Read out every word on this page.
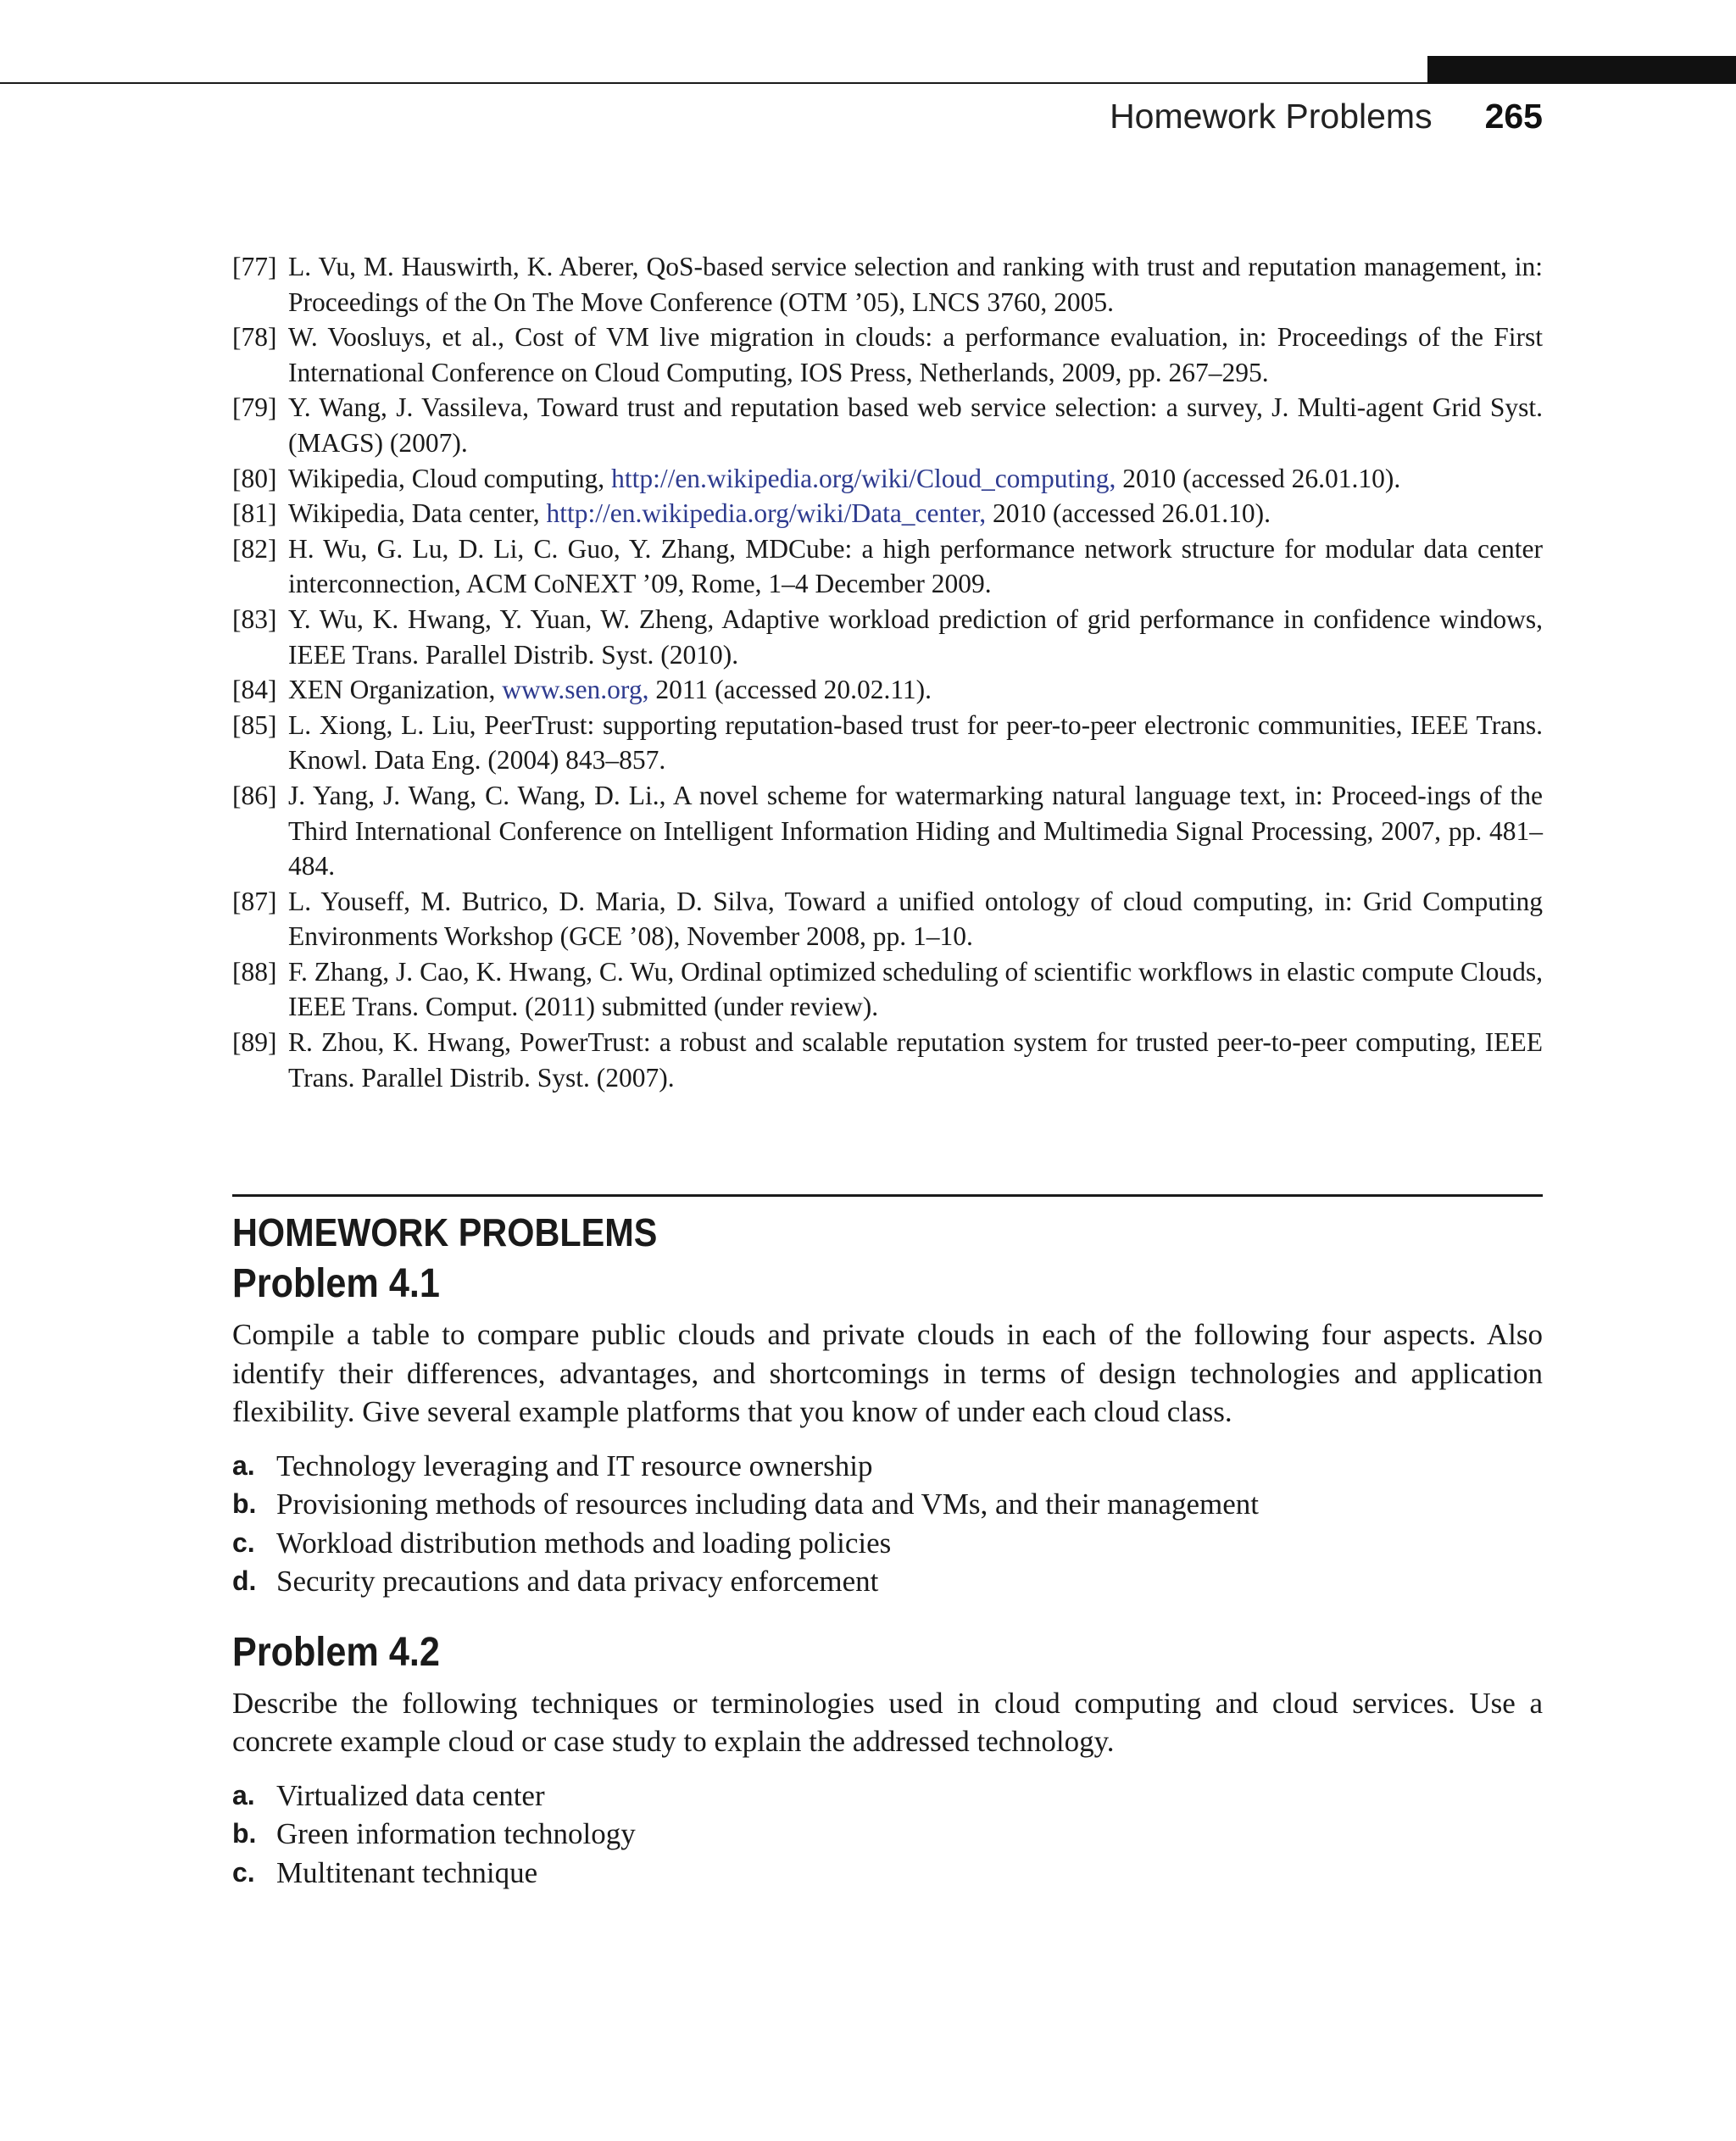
Homework Problems 265
[77] L. Vu, M. Hauswirth, K. Aberer, QoS-based service selection and ranking with trust and reputation management, in: Proceedings of the On The Move Conference (OTM ’05), LNCS 3760, 2005.
[78] W. Voosluys, et al., Cost of VM live migration in clouds: a performance evaluation, in: Proceedings of the First International Conference on Cloud Computing, IOS Press, Netherlands, 2009, pp. 267–295.
[79] Y. Wang, J. Vassileva, Toward trust and reputation based web service selection: a survey, J. Multi-agent Grid Syst. (MAGS) (2007).
[80] Wikipedia, Cloud computing, http://en.wikipedia.org/wiki/Cloud_computing, 2010 (accessed 26.01.10).
[81] Wikipedia, Data center, http://en.wikipedia.org/wiki/Data_center, 2010 (accessed 26.01.10).
[82] H. Wu, G. Lu, D. Li, C. Guo, Y. Zhang, MDCube: a high performance network structure for modular data center interconnection, ACM CoNEXT ’09, Rome, 1–4 December 2009.
[83] Y. Wu, K. Hwang, Y. Yuan, W. Zheng, Adaptive workload prediction of grid performance in confidence windows, IEEE Trans. Parallel Distrib. Syst. (2010).
[84] XEN Organization, www.sen.org, 2011 (accessed 20.02.11).
[85] L. Xiong, L. Liu, PeerTrust: supporting reputation-based trust for peer-to-peer electronic communities, IEEE Trans. Knowl. Data Eng. (2004) 843–857.
[86] J. Yang, J. Wang, C. Wang, D. Li., A novel scheme for watermarking natural language text, in: Proceed-ings of the Third International Conference on Intelligent Information Hiding and Multimedia Signal Processing, 2007, pp. 481–484.
[87] L. Youseff, M. Butrico, D. Maria, D. Silva, Toward a unified ontology of cloud computing, in: Grid Computing Environments Workshop (GCE ’08), November 2008, pp. 1–10.
[88] F. Zhang, J. Cao, K. Hwang, C. Wu, Ordinal optimized scheduling of scientific workflows in elastic compute Clouds, IEEE Trans. Comput. (2011) submitted (under review).
[89] R. Zhou, K. Hwang, PowerTrust: a robust and scalable reputation system for trusted peer-to-peer computing, IEEE Trans. Parallel Distrib. Syst. (2007).
HOMEWORK PROBLEMS
Problem 4.1

Compile a table to compare public clouds and private clouds in each of the following four aspects. Also identify their differences, advantages, and shortcomings in terms of design technologies and application flexibility. Give several example platforms that you know of under each cloud class.

a. Technology leveraging and IT resource ownership
b. Provisioning methods of resources including data and VMs, and their management
c. Workload distribution methods and loading policies
d. Security precautions and data privacy enforcement
Problem 4.2

Describe the following techniques or terminologies used in cloud computing and cloud services. Use a concrete example cloud or case study to explain the addressed technology.

a. Virtualized data center
b. Green information technology
c. Multitenant technique
